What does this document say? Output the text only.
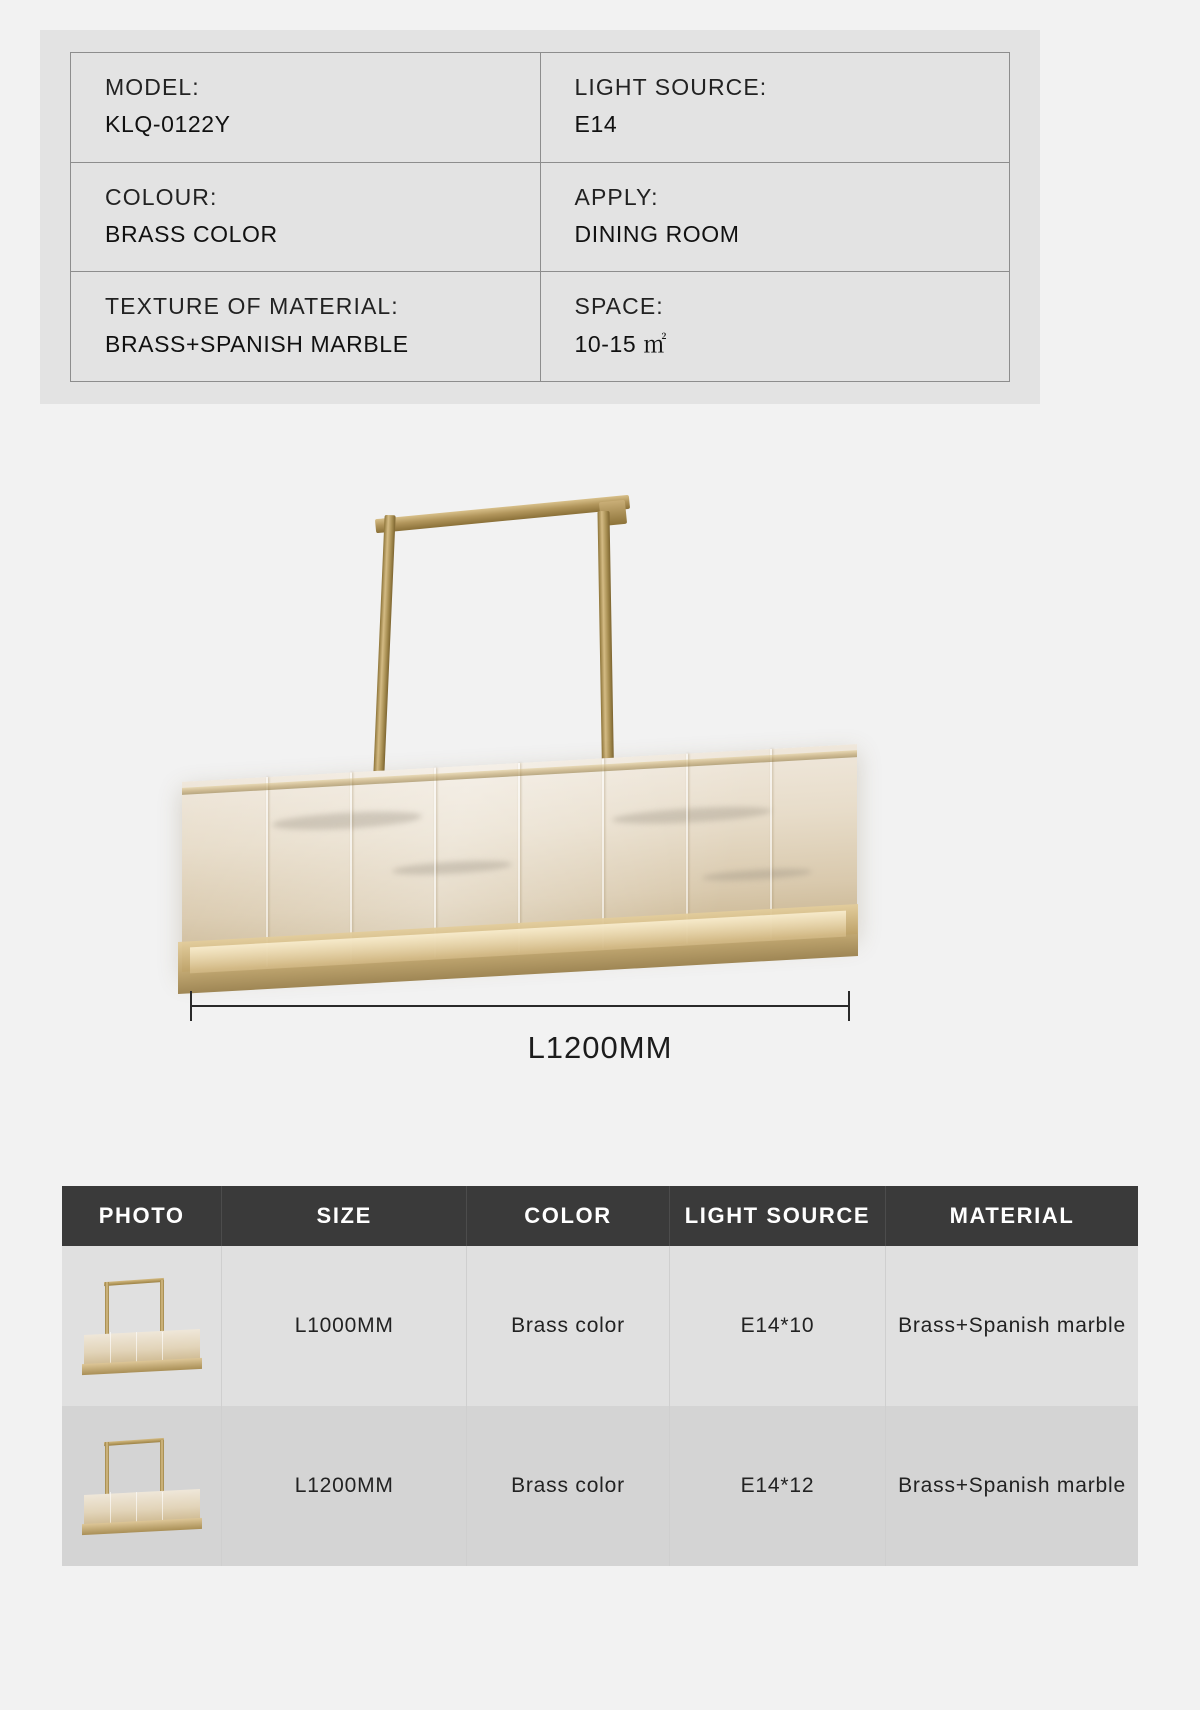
MODEL:
KLQ-0122Y

LIGHT SOURCE:
E14

COLOUR:
BRASS COLOR

APPLY:
DINING ROOM

TEXTURE OF MATERIAL:
BRASS+SPANISH MARBLE

SPACE:
10-15 ㎡
L1200MM
PHOTO	SIZE	COLOR	LIGHT SOURCE	MATERIAL

	L1000MM	Brass color	E14*10	Brass+Spanish marble

	L1200MM	Brass color	E14*12	Brass+Spanish marble
